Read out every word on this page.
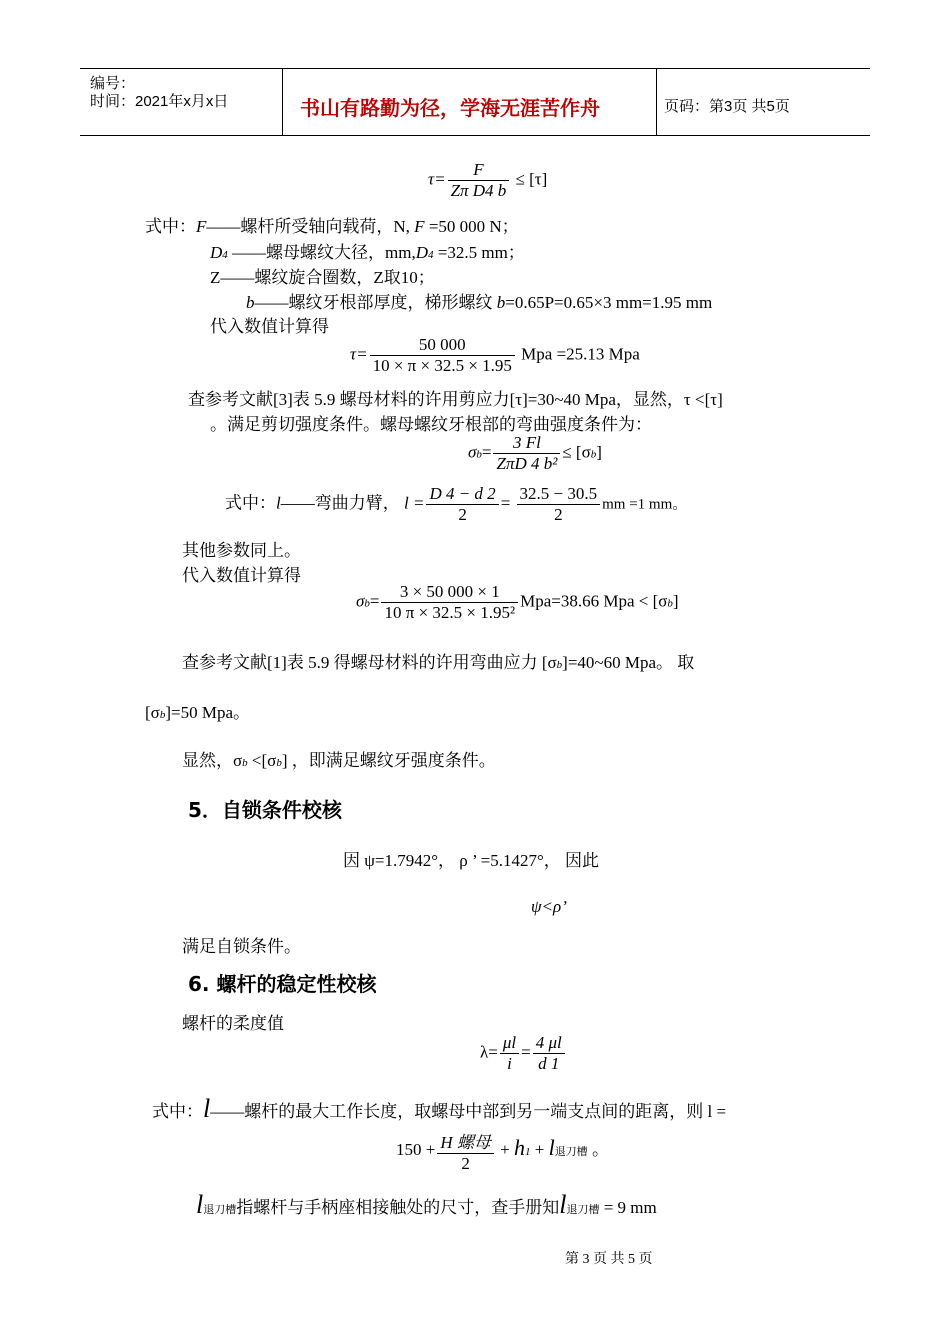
编号：
时间：2021年x月x日	书山有路勤为径，学海无涯苦作舟	页码：第3页 共5页
$\tau= \frac{F}{\text{Zπ D4 b}} \le [\tau]$
式中：F——螺杆所受轴向载荷，N, F =50 000 N；
D4 ——螺母螺纹大径，mm,D4 =32.5 mm；
Z——螺纹旋合圈数，Z取10；
b——螺纹牙根部厚度，梯形螺纹 b=0.65P=0.65×3 mm=1.95 mm
代入数值计算得
$\tau= \frac{50 000}{10 \times \pi \times 32.5 \times 1.95}$ Mpa =25.13 Mpa
查参考文献[3]表 5.9 螺母材料的许用剪应力[τ]=30~40 Mpa，显然，τ <[τ]
。满足剪切强度条件。螺母螺纹牙根部的弯曲强度条件为：
$\sigma b= \frac{3 Fl}{\text{ZπD 4 b²}} \le [\sigma b]$
式中：l——弯曲力臂， $l = \frac{D 4 - d 2}{2} = \frac{32.5 - 30.5}{2}$ mm =1 mm。
其他参数同上。
代入数值计算得
$\sigma b= \frac{3 \times 50 000 \times 1}{\text{10 π × 32.5 × 1.95²}} Mpa=38.66$ Mpa < [σb]
查参考文献[1]表 5.9 得螺母材料的许用弯曲应力 [σb]=40~60 Mpa。 取
[σb]=50 Mpa。
显然，σb <[σb] ，即满足螺纹牙强度条件。
5．自锁条件校核
因 ψ=1.7942°， ρ ’ =5.1427°， 因此
ψ<ρ’
满足自锁条件。
6. 螺杆的稳定性校核
螺杆的柔度值
$\lambda= \frac{\mu l}{i} = \frac{4 \mu l}{d 1}$
式中：l——螺杆的最大工作长度，取螺母中部到另一端支点间的距离，则 l =
$150 + \frac{\text{H 螺母}}{2} + h1 + l$退刀槽 。
l退刀槽指螺杆与手柄座相接触处的尺寸，查手册知l退刀槽 = 9 mm
第 3 页 共 5 页
